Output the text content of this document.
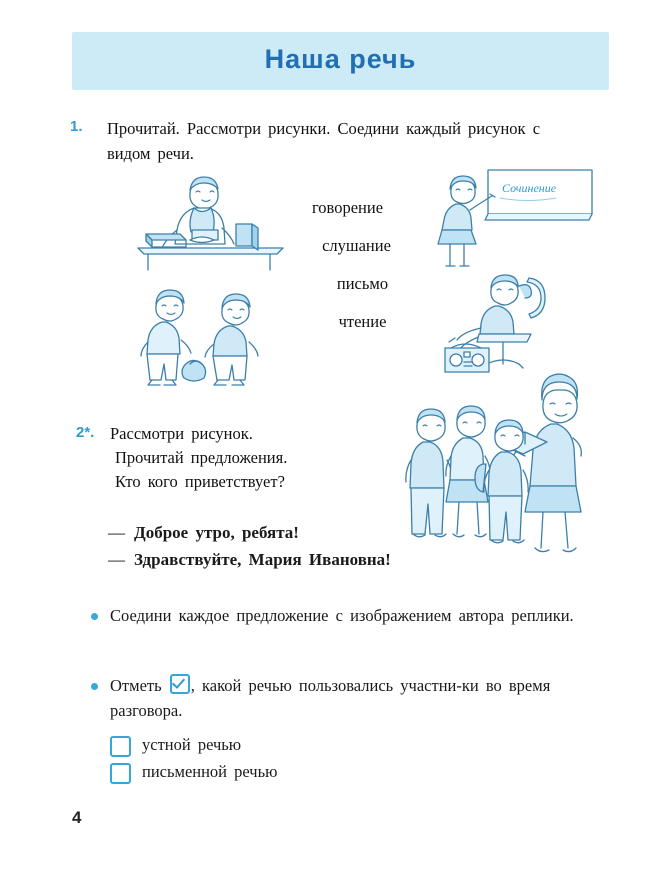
Наша речь
1. Прочитай. Рассмотри рисунки. Соедини каждый рисунок с видом речи.
говорение
слушание
письмо
чтение
Сочинение
2*. Рассмотри рисунок.
Прочитай предложения.
Кто кого приветствует?
— Доброе утро, ребята!
— Здравствуйте, Мария Ивановна!
Соедини каждое предложение с изображением автора реплики.
Отметь , какой речью пользовались участни-ки во время разговора.
устной речью
письменной речью
4
